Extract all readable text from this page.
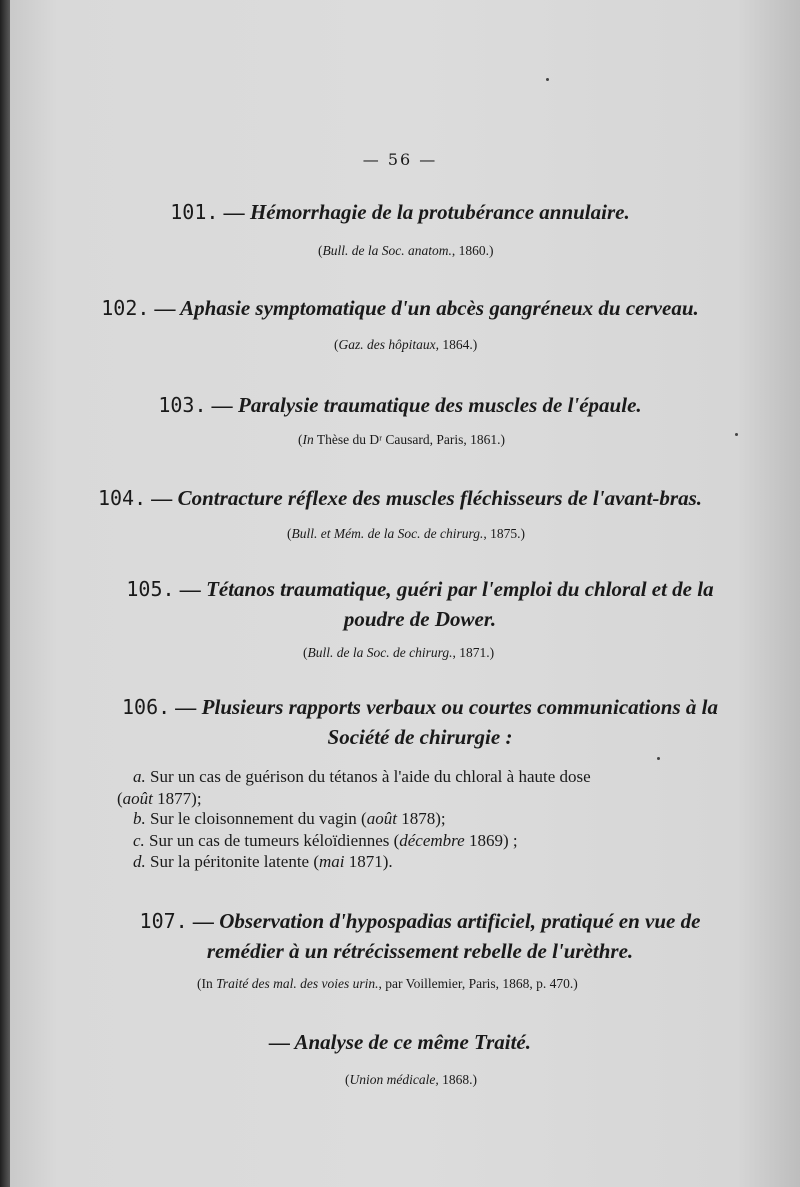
— 56 —
101. — Hémorrhagie de la protubérance annulaire.
(Bull. de la Soc. anatom., 1860.)
102. — Aphasie symptomatique d'un abcès gangréneux du cerveau.
(Gaz. des hôpitaux, 1864.)
103. — Paralysie traumatique des muscles de l'épaule.
(In Thèse du Dʳ Causard, Paris, 1861.)
104. — Contracture réflexe des muscles fléchisseurs de l'avant-bras.
(Bull. et Mém. de la Soc. de chirurg., 1875.)
105. — Tétanos traumatique, guéri par l'emploi du chloral et de la
poudre de Dower.
(Bull. de la Soc. de chirurg., 1871.)
106. — Plusieurs rapports verbaux ou courtes communications à la
Société de chirurgie :
a. Sur un cas de guérison du tétanos à l'aide du chloral à haute dose
(août 1877);
b. Sur le cloisonnement du vagin (août 1878);
c. Sur un cas de tumeurs kéloïdiennes (décembre 1869) ;
d. Sur la péritonite latente (mai 1871).
107. — Observation d'hypospadias artificiel, pratiqué en vue de
remédier à un rétrécissement rebelle de l'urèthre.
(In Traité des mal. des voies urin., par Voillemier, Paris, 1868, p. 470.)
— Analyse de ce même Traité.
(Union médicale, 1868.)
